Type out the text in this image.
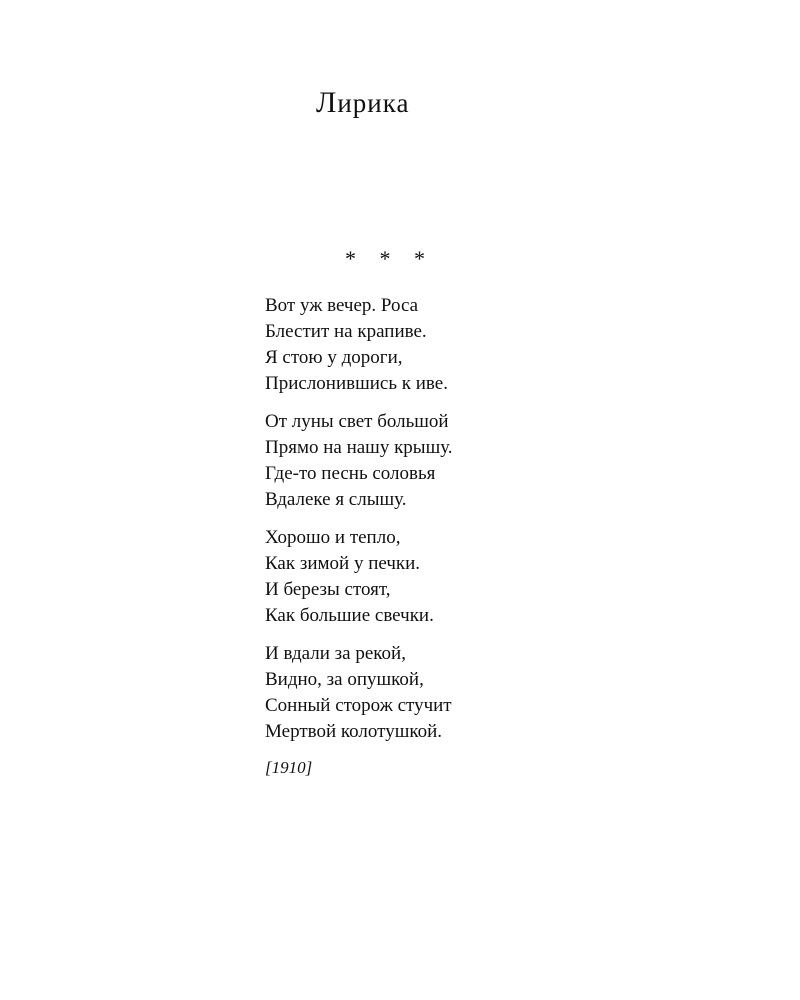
Лирика
* * *
Вот уж вечер. Роса
Блестит на крапиве.
Я стою у дороги,
Прислонившись к иве.
От луны свет большой
Прямо на нашу крышу.
Где-то песнь соловья
Вдалеке я слышу.
Хорошо и тепло,
Как зимой у печки.
И березы стоят,
Как большие свечки.
И вдали за рекой,
Видно, за опушкой,
Сонный сторож стучит
Мертвой колотушкой.
[1910]
